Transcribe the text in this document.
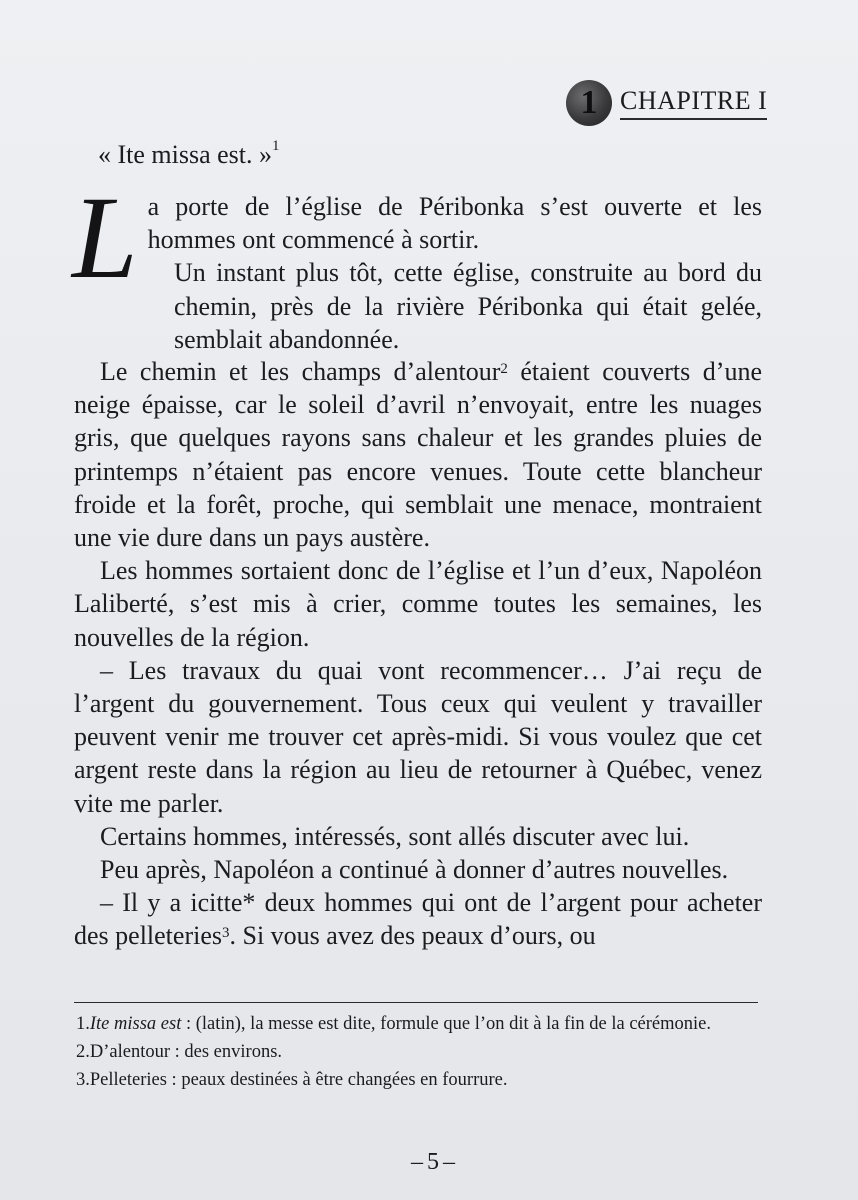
1 CHAPITRE I
« Ite missa est. »$^1$

La porte de l’église de Péribonka s’est ouverte et les hommes ont commencé à sortir.

Un instant plus tôt, cette église, construite au bord du chemin, près de la rivière Péribonka qui était gelée, semblait abandonnée.

Le chemin et les champs d’alentour$^2$ étaient couverts d’une neige épaisse, car le soleil d’avril n’envoyait, entre les nuages gris, que quelques rayons sans chaleur et les grandes pluies de printemps n’étaient pas encore venues. Toute cette blancheur froide et la forêt, proche, qui semblait une menace, montraient une vie dure dans un pays austère.

Les hommes sortaient donc de l’église et l’un d’eux, Napoléon Laliberté, s’est mis à crier, comme toutes les semaines, les nouvelles de la région.

– Les travaux du quai vont recommencer… J’ai reçu de l’argent du gouvernement. Tous ceux qui veulent y travailler peuvent venir me trouver cet après-midi. Si vous voulez que cet argent reste dans la région au lieu de retourner à Québec, venez vite me parler.

Certains hommes, intéressés, sont allés discuter avec lui.

Peu après, Napoléon a continué à donner d’autres nouvelles.

– Il y a icitte* deux hommes qui ont de l’argent pour acheter des pelleteries$^3$. Si vous avez des peaux d’ours, ou

1.Ite missa est : (latin), la messe est dite, formule que l’on dit à la fin de la cérémonie.
2.D’alentour : des environs.
3.Pelleteries : peaux destinées à être changées en fourrure.
– 5 –
